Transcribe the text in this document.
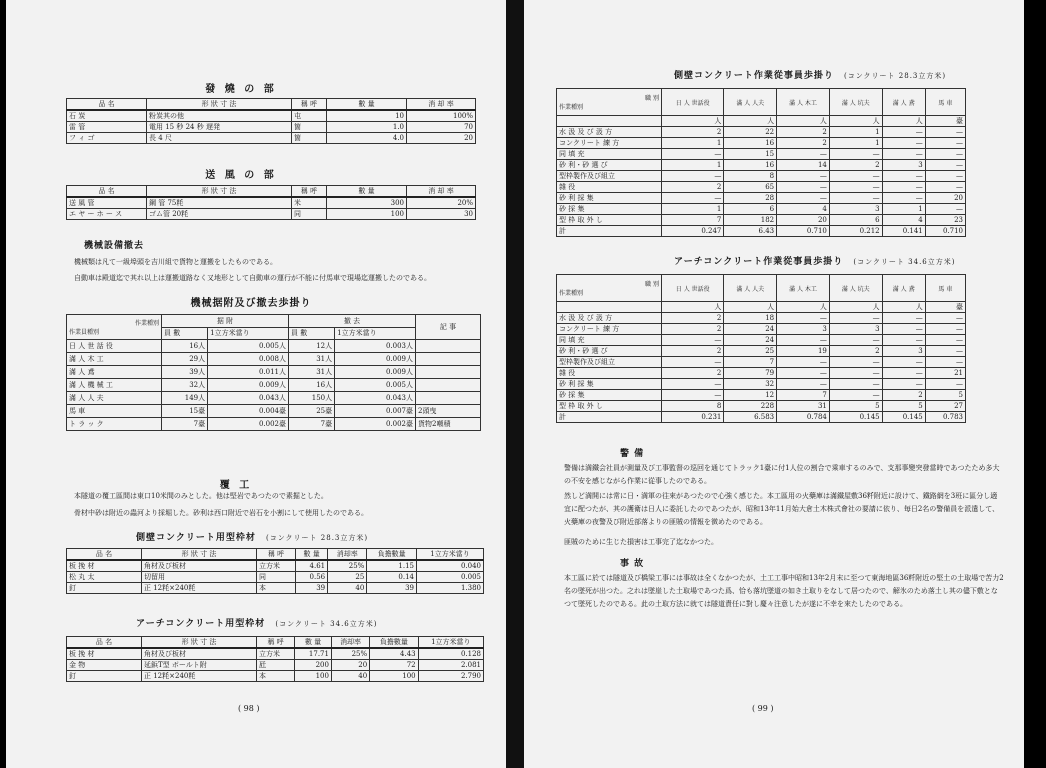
發 燒 の 部
品 名	形 狀 寸 法	稱 呼	數 量	消 却 率
石 炭	粉炭其の他	屯	10	100%
雷 管	電用 15 秒 24 秒 遅発	箇	1.0	70
フ ィ ゴ	長 4 尺	箇	4.0	20
送 風 の 部
品 名	形 狀 寸 法	稱 呼	數 量	消 却 率
送 風 管	鋼 管 75粍	米	300	20%
エ ヤ ー ホ ー ス	ゴム管 20粍	同	100	30
機械設備撤去
機械類は凡て一級埠頭を吉川組で貨物と運搬をしたものである。
自動車は殿道迄で其れ以上は運搬道路なく又地形として自動車の運行が不能に付馬車で現場迄運搬したのである。
機械据附及び撤去歩掛り
作業種別
作業員種別	据 附		撤 去		記 事
	員 數	1立方米當り	員 數	1立方米當り	
日 人 世 話 役	16人	0.005人	12人	0.003人	
滿 人 木 工	29人	0.008人	31人	0.009人	
滿 人 鳶	39人	0.011人	31人	0.009人	
滿 人 機 械 工	32人	0.009人	16人	0.005人	
滿 人 人 夫	149人	0.043人	150人	0.043人	
馬 車	15臺	0.004臺	25臺	0.007臺	2頭曳
ト ラ ッ ク	7臺	0.002臺	7臺	0.002臺	貨物2噸積
覆 工
本隧道の覆工區間は東口10米間のみとした。他は堅岩であつたので素掘とした。
骨材中砂は附近の蟲河より採堀した。砂利は西口附近で岩石を小割にして使用したのである。
側壁コンクリート用型枠材 (コンクリート 28.3立方米)
品 名	形 狀 寸 法	稱 呼	數 量	消却率	負擔數量	1立方米當り
板 挽 材	角材及び板材	立方米	4.61	25%	1.15	0.040
松 丸 太	切留用	同	0.56	25	0.14	0.005
釘	正 12粍×240粍	本	39	40	39	1.380
アーチコンクリート用型枠材 (コンクリート 34.6立方米)
品 名	形 狀 寸 法	稱 呼	數 量	消却率	負擔數量	1立方米當り
板 挽 材	角材及び板材	立方米	17.71	25%	4.43	0.128
金 物	延鋲T型 ボールト附	瓩	200	20	72	2.081
釘	正 12粍×240粍	本	100	40	100	2.790
( 98 )
側壁コンクリート作業從事員歩掛り (コンクリート 28.3立方米)
職 別
作業種別	日 人 世話役	滿 人 人夫	滿 人 木工	滿 人 坑夫	滿 人 鳶	馬 車
	人	人	人	人	人	臺
水 汲 及 び 汲 方	2	22	2	1	—	—
コンクリート 練 方	1	16	2	1	—	—
同 填 充	—	15	—	—	—	—
砂 利・砂 選 び	1	16	14	2	3	—
型枠製作及び組立	—	8	—	—	—	—
雜 役	2	65	—	—	—	—
砂 利 採 集	—	28	—	—	—	20
砂 採 集	1	6	4	3	1	—
型 枠 取 外 し	7	182	20	6	4	23
計	0.247	6.43	0.710	0.212	0.141	0.710
アーチコンクリート作業從事員歩掛り (コンクリート 34.6立方米)
職 別
作業種別	日 人 世話役	滿 人 人夫	滿 人 木工	滿 人 坑夫	滿 人 鳶	馬 車
	人	人	人	人	人	臺
水 汲 及 び 汲 方	2	18	—	—	—	—
コンクリート 練 方	2	24	3	3	—	—
同 填 充	—	24	—	—	—	—
砂 利・砂 選 び	2	25	19	2	3	—
型枠製作及び組立	—	7	—	—	—	—
雜 役	2	79	—	—	—	21
砂 利 採 集	—	32	—	—	—	—
砂 採 集	—	12	7	—	2	5
型 枠 取 外 し	8	228	31	5	5	27
計	0.231	6.583	0.784	0.145	0.145	0.783
警 備
警備は満鐵会社員が測量及び工事監督の巡回を通じてトラック1臺に付1人位の割合で乘車するのみで、支那事變突發當時であつたため多大の不安を感じながら作業に從事したのである。
然しど満開には常に日・満軍の往來があつたので心強く感じた。本工區用の火藥庫は滿鐵屋敷36粁附近に設けて、鐵路網を3班に區分し適宜に配つたが、其の護衛は日人に委託したのであつたが、昭和13年11月始大倉土木株式會社の要請に依り、毎日2名の警備員を派遣して、火藥庫の夜警及び附近部落よりの匪賊の情報を徴めたのである。
匪賊のために生じた損害は工事完了迄なかつた。
事 故
本工區に於ては隧道及び橋梁工事には事故は全くなかつたが、土工工事中昭和13年2月末に至つて東海地區36粁附近の堅土の土取場で苦力2名の墜死が出つた。之れは墜崖した土取場であつた爲、恰も落坑墜道の如き土取りをなして居つたので、解氷のため落土し其の儘下敷となつて墜死したのである。此の土取方法に就ては隧道責任に對し慶々注意したが遂に不幸を來たしたのである。
( 99 )
